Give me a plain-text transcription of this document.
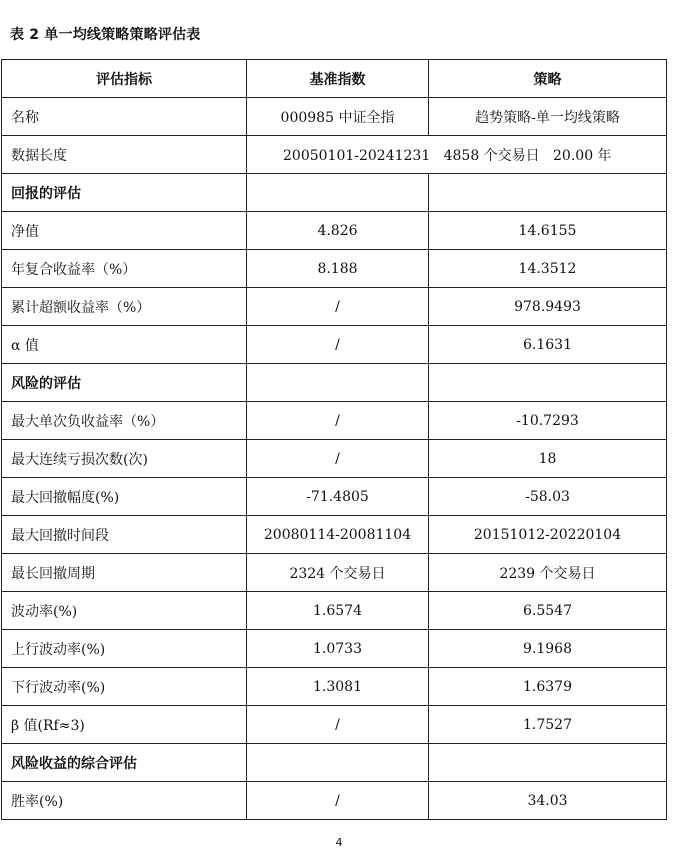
表 2 单一均线策略策略评估表
评估指标	基准指数	策略
名称	000985 中证全指	趋势策略-单一均线策略
数据长度	20050101-20241231   4858 个交易日   20.00 年	
回报的评估		
净值	4.826	14.6155
年复合收益率（%）	8.188	14.3512
累计超额收益率（%）	/	978.9493
α 值	/	6.1631
风险的评估		
最大单次负收益率（%）	/	-10.7293
最大连续亏损次数(次)	/	18
最大回撤幅度(%)	-71.4805	-58.03
最大回撤时间段	20080114-20081104	20151012-20220104
最长回撤周期	2324 个交易日	2239 个交易日
波动率(%)	1.6574	6.5547
上行波动率(%)	1.0733	9.1968
下行波动率(%)	1.3081	1.6379
β 值(Rf≈3)	/	1.7527
风险收益的综合评估		
胜率(%)	/	34.03
4
